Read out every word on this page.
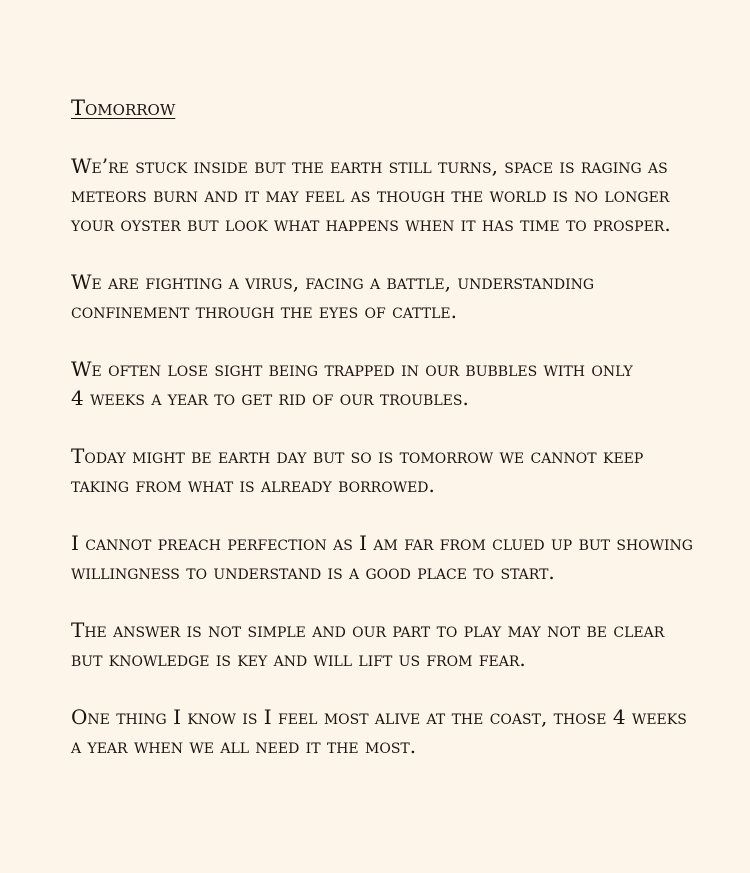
Tomorrow
We’re stuck inside but the earth still turns, space is raging as
meteors burn and it may feel as though the world is no longer
your oyster but look what happens when it has time to prosper.
We are fighting a virus, facing a battle, understanding
confinement through the eyes of cattle.
We often lose sight being trapped in our bubbles with only
4 weeks a year to get rid of our troubles.
Today might be earth day but so is tomorrow we cannot keep
taking from what is already borrowed.
I cannot preach perfection as I am far from clued up but showing
willingness to understand is a good place to start.
The answer is not simple and our part to play may not be clear
but knowledge is key and will lift us from fear.
One thing I know is I feel most alive at the coast, those 4 weeks
a year when we all need it the most.
